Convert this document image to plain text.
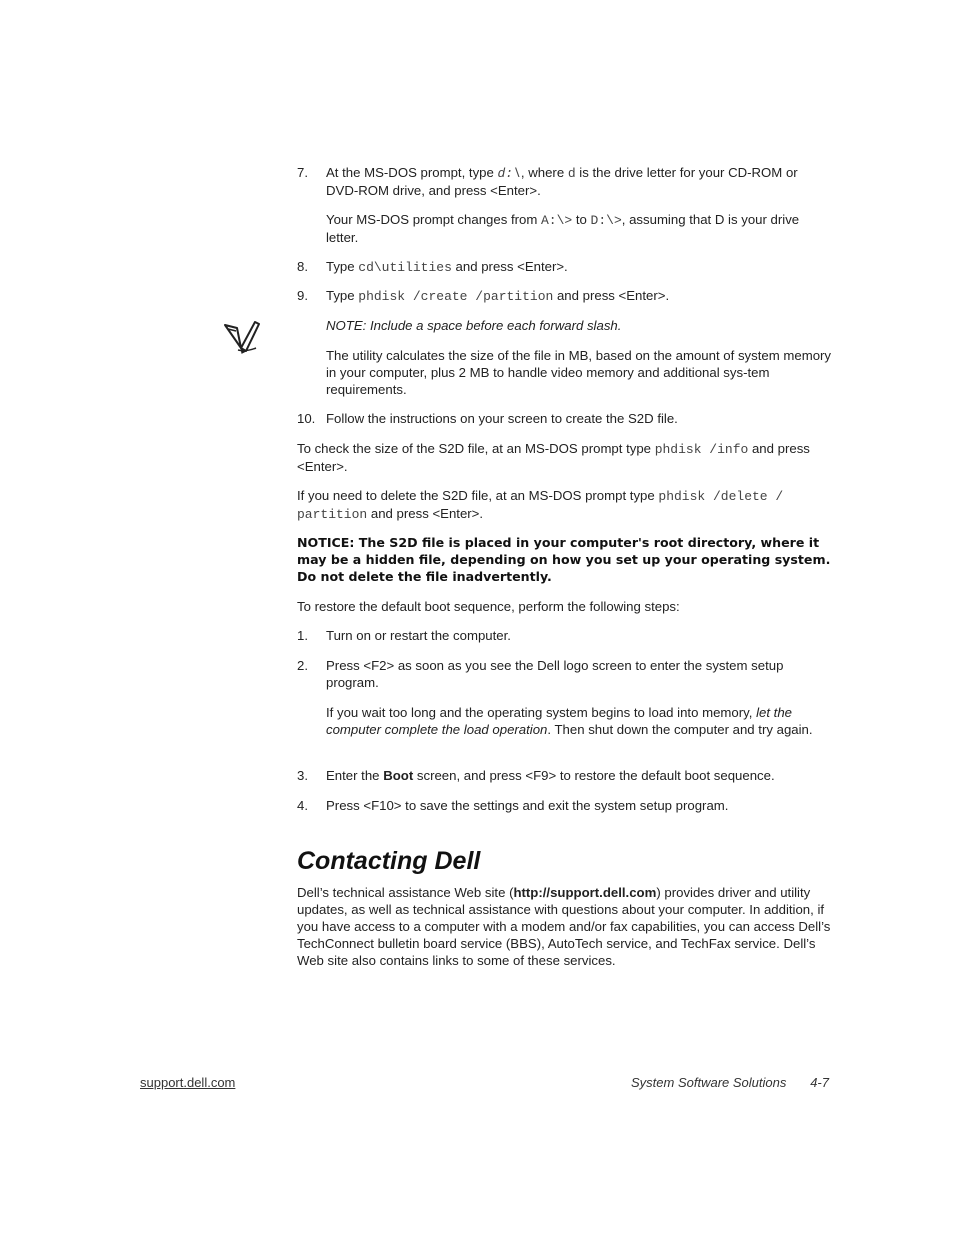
7. At the MS-DOS prompt, type d:\, where d is the drive letter for your CD-ROM or DVD-ROM drive, and press <Enter>.
Your MS-DOS prompt changes from A:\> to D:\>, assuming that D is your drive letter.
8. Type cd\utilities and press <Enter>.
9. Type phdisk /create /partition and press <Enter>.
NOTE: Include a space before each forward slash.
The utility calculates the size of the file in MB, based on the amount of system memory in your computer, plus 2 MB to handle video memory and additional sys-tem requirements.
10. Follow the instructions on your screen to create the S2D file.
To check the size of the S2D file, at an MS-DOS prompt type phdisk /info and press <Enter>.
If you need to delete the S2D file, at an MS-DOS prompt type phdisk /delete / partition and press <Enter>.
NOTICE: The S2D file is placed in your computer's root directory, where it may be a hidden file, depending on how you set up your operating system. Do not delete the file inadvertently.
To restore the default boot sequence, perform the following steps:
1. Turn on or restart the computer.
2. Press <F2> as soon as you see the Dell logo screen to enter the system setup program.
If you wait too long and the operating system begins to load into memory, let the computer complete the load operation. Then shut down the computer and try again.
3. Enter the Boot screen, and press <F9> to restore the default boot sequence.
4. Press <F10> to save the settings and exit the system setup program.
Contacting Dell
Dell’s technical assistance Web site (http://support.dell.com) provides driver and utility updates, as well as technical assistance with questions about your computer. In addition, if you have access to a computer with a modem and/or fax capabilities, you can access Dell’s TechConnect bulletin board service (BBS), AutoTech service, and TechFax service. Dell’s Web site also contains links to some of these services.
support.dell.com	System Software Solutions 4-7
